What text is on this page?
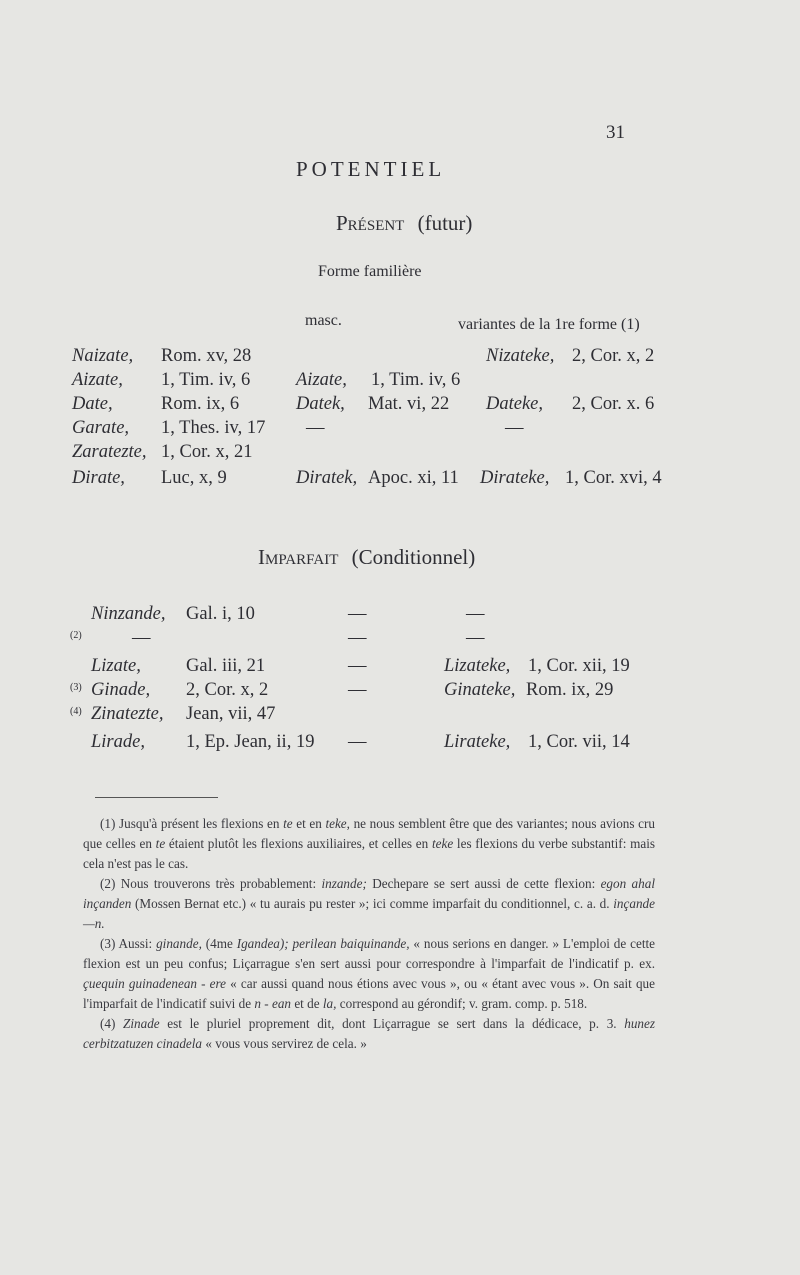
31
POTENTIEL
Présent (futur)
Forme familière
masc.	variantes de la 1re forme (1)
Naizate, Rom. xv, 28	Nizateke, 2, Cor. x, 2
Aizate, 1, Tim. iv, 6 Aizate, 1, Tim. iv, 6
Date,	Rom. ix, 6	Datek, Mat. vi, 22 Dateke, 2, Cor. x. 6
Garate, 1, Thes. iv, 17 —	—
Zaratezte, 1, Cor. x, 21
Dirate, Luc, x, 9	Diratek, Apoc. xi, 11 Dirateke, 1, Cor. xvi, 4
Imparfait (Conditionnel)
Ninzande, Gal. i, 10	—	—
(2)	—	—	—
Lizate, Gal. iii, 21	—	Lizateke, 1, Cor. xii, 19
(3) Ginade, 2, Cor. x, 2	—	Ginateke, Rom. ix, 29
(4) Zinatezte, Jean, vii, 47
Lirade, 1, Ep. Jean, ii, 19 —	Lirateke, 1, Cor. vii, 14

(1) Jusqu'à présent les flexions en te et en teke, ne nous semblent être que des variantes; nous avions cru que celles en te étaient plutôt les flexions auxiliaires, et celles en teke les flexions du verbe substantif: mais cela n'est pas le cas.

(2) Nous trouverons très probablement: inzande; Dechepare se sert aussi de cette flexion: egon ahal inçanden (Mossen Bernat etc.) « tu aurais pu rester »; ici comme imparfait du conditionnel, c. a. d. inçande—n.

(3) Aussi: ginande, (4me Igandea); perilean baiquinande, « nous serions en danger. » L'emploi de cette flexion est un peu confus; Liçarrague s'en sert aussi pour correspondre à l'imparfait de l'indicatif p. ex. çuequin guinadenean - ere « car aussi quand nous étions avec vous », ou « étant avec vous ». On sait que l'imparfait de l'indicatif suivi de n - ean et de la, correspond au gérondif; v. gram. comp. p. 518.

(4) Zinade est le pluriel proprement dit, dont Liçarrague se sert dans la dédicace, p. 3. hunez cerbitzatuzen cinadela « vous vous servirez de cela. »
